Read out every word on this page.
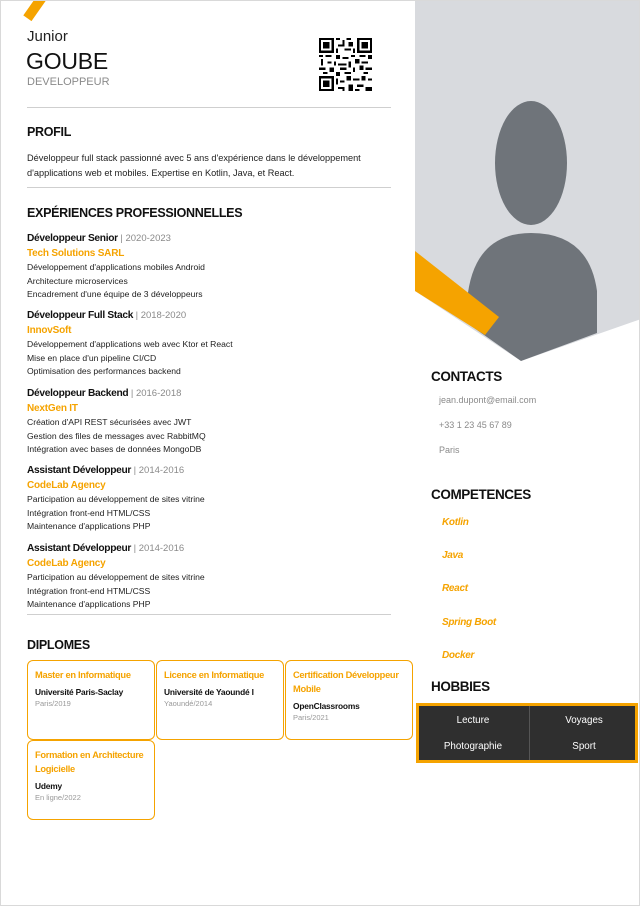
Junior
GOUBE
DEVELOPPEUR
PROFIL
Développeur full stack passionné avec 5 ans d'expérience dans le développement d'applications web et mobiles. Expertise en Kotlin, Java, et React.
EXPÉRIENCES PROFESSIONNELLES
Développeur Senior | 2020-2023
Tech Solutions SARL
Développement d'applications mobiles Android
Architecture microservices
Encadrement d'une équipe de 3 développeurs
Développeur Full Stack | 2018-2020
InnovSoft
Développement d'applications web avec Ktor et React
Mise en place d'un pipeline CI/CD
Optimisation des performances backend
Développeur Backend | 2016-2018
NextGen IT
Création d'API REST sécurisées avec JWT
Gestion des files de messages avec RabbitMQ
Intégration avec bases de données MongoDB
Assistant Développeur | 2014-2016
CodeLab Agency
Participation au développement de sites vitrine
Intégration front-end HTML/CSS
Maintenance d'applications PHP
Assistant Développeur | 2014-2016
CodeLab Agency
Participation au développement de sites vitrine
Intégration front-end HTML/CSS
Maintenance d'applications PHP
DIPLOMES
Master en Informatique
Université Paris-Saclay
Paris/2019
Licence en Informatique
Université de Yaoundé I
Yaoundé/2014
Certification Développeur Mobile
OpenClassrooms
Paris/2021
Formation en Architecture Logicielle
Udemy
En ligne/2022
CONTACTS
jean.dupont@email.com
+33 1 23 45 67 89
Paris
COMPETENCES
Kotlin
Java
React
Spring Boot
Docker
HOBBIES
Lecture	Voyages
Photographie	Sport
